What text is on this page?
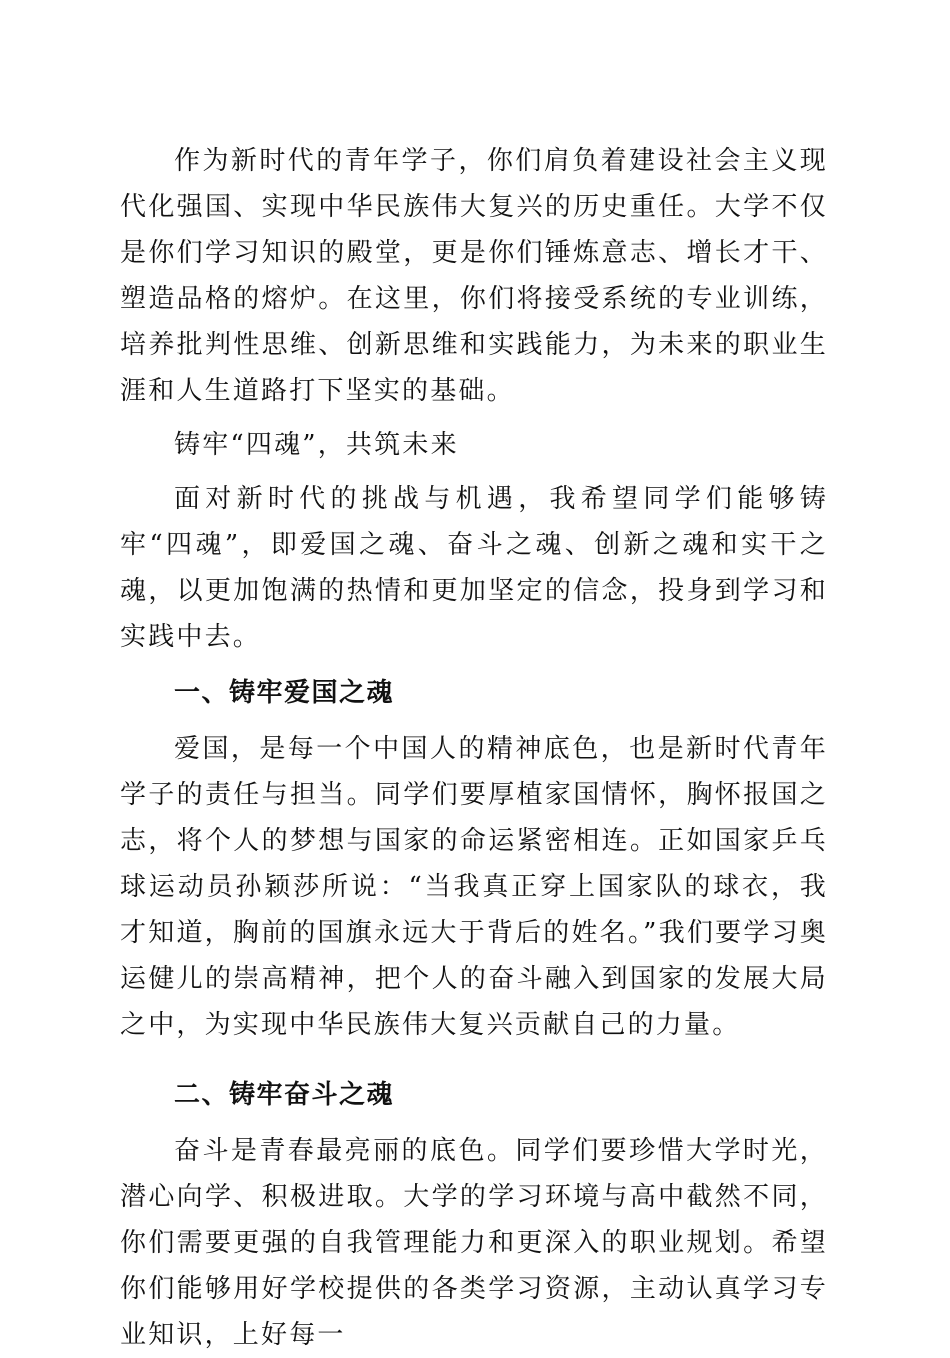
作为新时代的青年学子，你们肩负着建设社会主义现代化强国、实现中华民族伟大复兴的历史重任。大学不仅是你们学习知识的殿堂，更是你们锤炼意志、增长才干、塑造品格的熔炉。在这里，你们将接受系统的专业训练，培养批判性思维、创新思维和实践能力，为未来的职业生涯和人生道路打下坚实的基础。

铸牢“四魂”，共筑未来

面对新时代的挑战与机遇，我希望同学们能够铸牢“四魂”，即爱国之魂、奋斗之魂、创新之魂和实干之魂，以更加饱满的热情和更加坚定的信念，投身到学习和实践中去。

一、铸牢爱国之魂

爱国，是每一个中国人的精神底色，也是新时代青年学子的责任与担当。同学们要厚植家国情怀，胸怀报国之志，将个人的梦想与国家的命运紧密相连。正如国家乒乓球运动员孙颖莎所说：“当我真正穿上国家队的球衣，我才知道，胸前的国旗永远大于背后的姓名。”我们要学习奥运健儿的崇高精神，把个人的奋斗融入到国家的发展大局之中，为实现中华民族伟大复兴贡献自己的力量。

二、铸牢奋斗之魂

奋斗是青春最亮丽的底色。同学们要珍惜大学时光，潜心向学、积极进取。大学的学习环境与高中截然不同，你们需要更强的自我管理能力和更深入的职业规划。希望你们能够用好学校提供的各类学习资源，主动认真学习专业知识，上好每一
